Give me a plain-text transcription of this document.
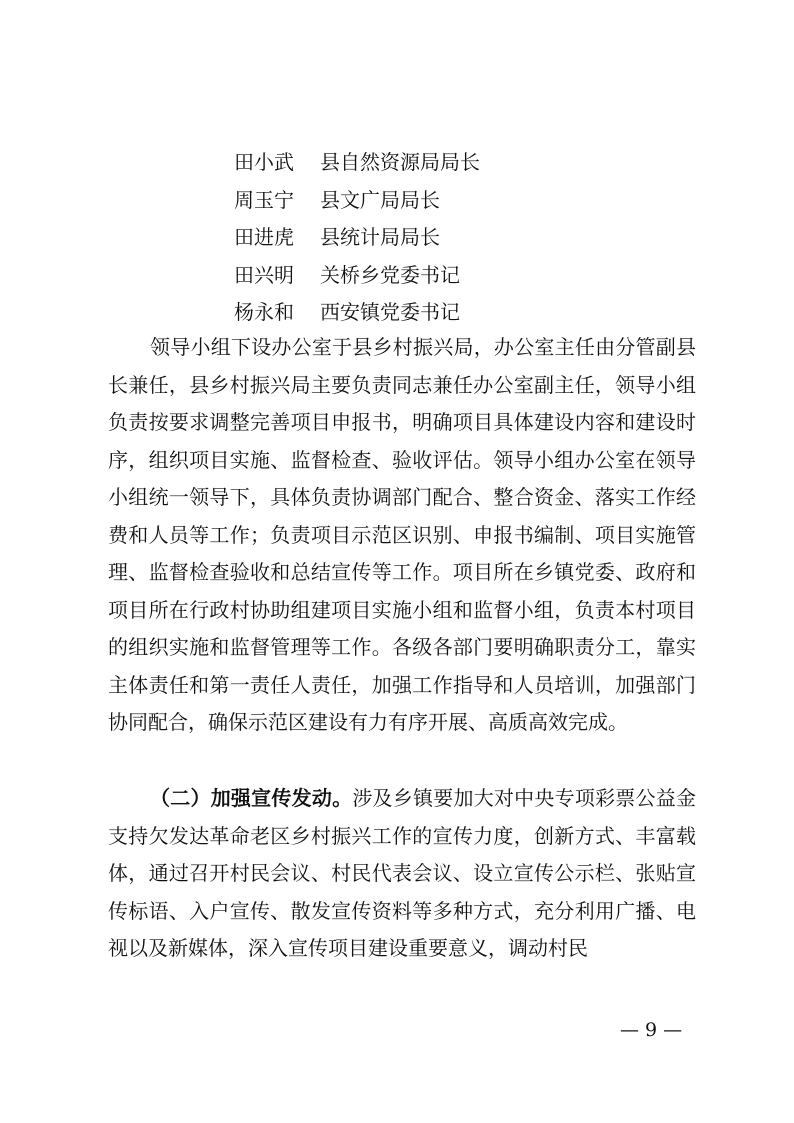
田小武 县自然资源局局长
周玉宁 县文广局局长
田进虎 县统计局局长
田兴明 关桥乡党委书记
杨永和 西安镇党委书记

领导小组下设办公室于县乡村振兴局，办公室主任由分管副县长兼任，县乡村振兴局主要负责同志兼任办公室副主任，领导小组负责按要求调整完善项目申报书，明确项目具体建设内容和建设时序，组织项目实施、监督检查、验收评估。领导小组办公室在领导小组统一领导下，具体负责协调部门配合、整合资金、落实工作经费和人员等工作；负责项目示范区识别、申报书编制、项目实施管理、监督检查验收和总结宣传等工作。项目所在乡镇党委、政府和项目所在行政村协助组建项目实施小组和监督小组，负责本村项目的组织实施和监督管理等工作。各级各部门要明确职责分工，靠实主体责任和第一责任人责任，加强工作指导和人员培训，加强部门协同配合，确保示范区建设有力有序开展、高质高效完成。

（二）加强宣传发动。涉及乡镇要加大对中央专项彩票公益金支持欠发达革命老区乡村振兴工作的宣传力度，创新方式、丰富载体，通过召开村民会议、村民代表会议、设立宣传公示栏、张贴宣传标语、入户宣传、散发宣传资料等多种方式，充分利用广播、电视以及新媒体，深入宣传项目建设重要意义，调动村民

— 9 —
